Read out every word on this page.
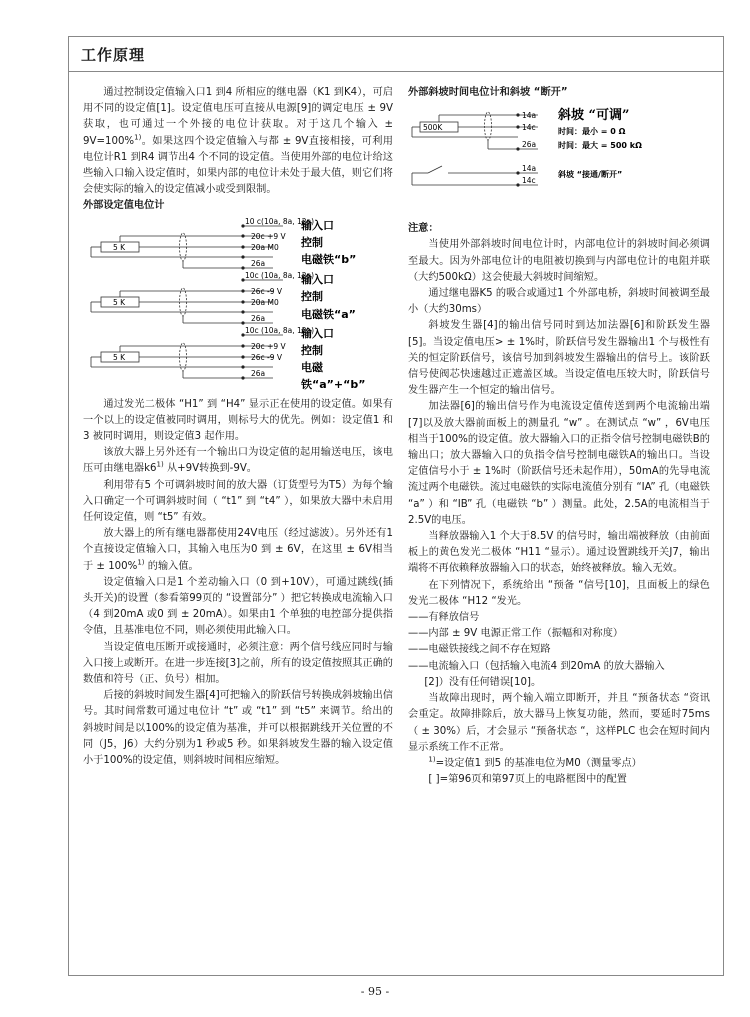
工作原理

通过控制设定值输入口1 到4 所相应的继电器（K1 到K4），可启用不同的设定值[1]。设定值电压可直接从电源[9]的调定电压 ± 9V获取，也可通过一个外接的电位计获取。对于这几个输入 ± 9V=100%$^{1)}$。如果这四个设定值输入与都 ± 9V直接相接，可利用电位计R1 到R4 调节出4 个不同的设定值。当使用外部的电位计给这些输入口输入设定值时，如果内部的电位计未处于最大值，则它们将会使实际的输入的设定值减小或受到限制。

外部设定值电位计

5 K
5 K
5 K
10 c(10a, 8a, 12a)
20c +9 V
20a M0
26a
输入口
控制
电磁铁“b”
10c (10a, 8a, 12a)
26c -9 V
20a M0
26a
输入口
控制
电磁铁“a”
10c (10a, 8a, 12a)
20c +9 V
26c -9 V
26a
输入口
控制
电磁
铁“a”+“b”

通过发光二极体 “H1” 到 “H4” 显示正在使用的设定值。如果有一个以上的设定值被同时调用，则标号大的优先。例如：设定值1 和3 被同时调用，则设定值3 起作用。

该放大器上另外还有一个输出口为设定值的起用输送电压，该电压可由继电器k6$^{1)}$ 从+9V转换到-9V。

利用带有5 个可调斜坡时间的放大器（订货型号为T5）为每个输入口确定一个可调斜坡时间（ “t1” 到 “t4” ），如果放大器中未启用任何设定值，则 “t5” 有效。

放大器上的所有继电器都使用24V电压（经过滤波）。另外还有1 个直接设定值输入口，其输入电压为0 到 ± 6V，在这里 ± 6V相当于 ± 100%$^{1)}$ 的输入值。

设定值输入口是1 个差动输入口（0 到+10V），可通过跳线(插头开关)的设置（参看第99页的 “设置部分” ）把它转换成电流输入口（4 到20mA 或0 到 ± 20mA）。如果由1 个单独的电控部分提供指令值，且基准电位不同，则必须使用此输入口。

当设定值电压断开或接通时，必须注意：两个信号线应同时与输入口接上或断开。在进一步连接[3]之前，所有的设定值按照其正确的数值和符号（正、负号）相加。

后接的斜坡时间发生器[4]可把输入的阶跃信号转换成斜坡输出信号。其时间常数可通过电位计 “t” 或 “t1” 到 “t5” 来调节。给出的斜坡时间是以100%的设定值为基准，并可以根据跳线开关位置的不同（J5，J6）大约分别为1 秒或5 秒。如果斜坡发生器的输入设定值小于100%的设定值，则斜坡时间相应缩短。

外部斜坡时间电位计和斜坡 “断开”

500K
14a
14c
26a
14a
14c
斜坡 “可调”
时间：最小 = 0 Ω
时间：最大 = 500 kΩ
斜坡 “接通/断开”

注意：

当使用外部斜坡时间电位计时，内部电位计的斜坡时间必须调至最大。因为外部电位计的电阻被切换到与内部电位计的电阻并联（大约500kΩ）这会使最大斜坡时间缩短。

通过继电器K5 的吸合或通过1 个外部电桥，斜坡时间被调至最小（大约30ms）

斜坡发生器[4]的输出信号同时到达加法器[6]和阶跃发生器[5]。当设定值电压> ± 1%时，阶跃信号发生器输出1 个与极性有关的恒定阶跃信号，该信号加到斜坡发生器输出的信号上。该阶跃信号使阀芯快速越过正遮盖区域。当设定值电压较大时，阶跃信号发生器产生一个恒定的输出信号。

加法器[6]的输出信号作为电流设定值传送到两个电流输出端[7]以及放大器前面板上的测量孔 “w” 。在测试点 “w” ，6V电压相当于100%的设定值。放大器输入口的正指令信号控制电磁铁B的输出口；放大器输入口的负指令信号控制电磁铁A的输出口。当设定值信号小于 ± 1%时（阶跃信号还未起作用），50mA的先导电流流过两个电磁铁。流过电磁铁的实际电流值分别有 “IA” 孔（电磁铁 “a” ）和 “IB” 孔（电磁铁 “b” ）测量。此处，2.5A的电流相当于2.5V的电压。

当释放器输入1 个大于8.5V 的信号时，输出端被释放（由前面板上的黄色发光二极体 “H11 “显示）。通过设置跳线开关J7，输出端将不再依赖释放器输入口的状态，始终被释放。输入无效。

在下列情况下，系统给出 “预备 “信号[10]，且面板上的绿色发光二极体 “H12 “发光。

——有释放信号

——内部 ± 9V 电源正常工作（振幅和对称度）

——电磁铁接线之间不存在短路

——电流输入口（包括输入电流4 到20mA 的放大器输入

[2]）没有任何错误[10]。

当故障出现时，两个输入端立即断开，并且 “预备状态 “资讯会重定。故障排除后，放大器马上恢复功能，然而，要延时75ms（ ± 30%）后，才会显示 “预备状态 “，这样PLC 也会在短时间内显示系统工作不正常。

$^{1)}$=设定值1 到5 的基准电位为M0（测量零点）

[ ]=第96页和第97页上的电路框图中的配置

- 95 -
